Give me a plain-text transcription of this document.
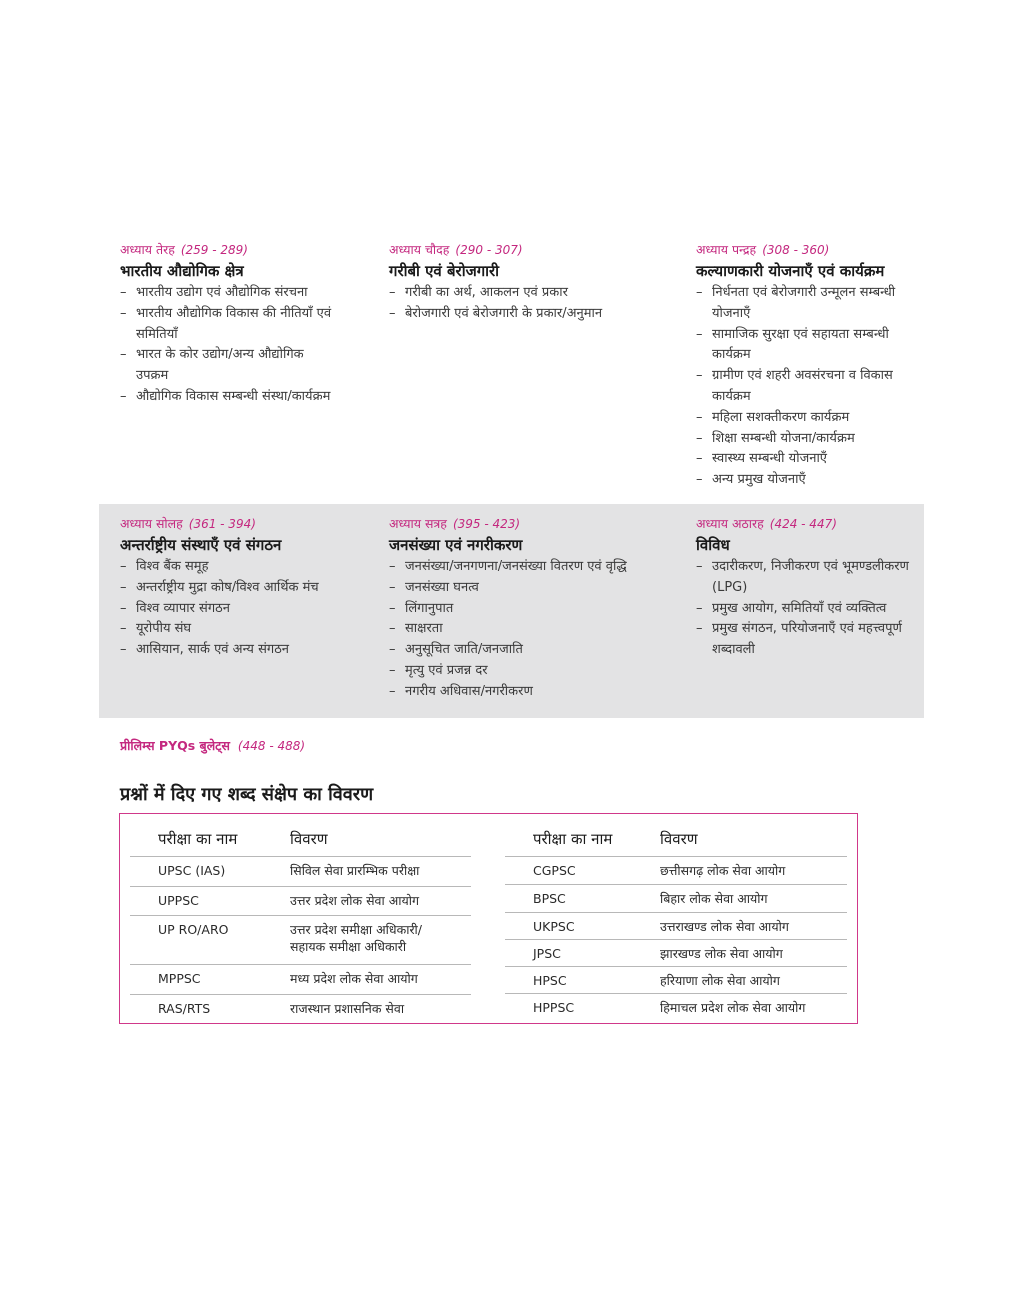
अध्याय तेरह (259 - 289)
भारतीय औद्योगिक क्षेत्र
– भारतीय उद्योग एवं औद्योगिक संरचना
– भारतीय औद्योगिक विकास की नीतियाँ एवं समितियाँ
– भारत के कोर उद्योग/अन्य औद्योगिक उपक्रम
– औद्योगिक विकास सम्बन्धी संस्था/कार्यक्रम
अध्याय चौदह (290 - 307)
गरीबी एवं बेरोजगारी
– गरीबी का अर्थ, आकलन एवं प्रकार
– बेरोजगारी एवं बेरोजगारी के प्रकार/अनुमान
अध्याय पन्द्रह (308 - 360)
कल्याणकारी योजनाएँ एवं कार्यक्रम
– निर्धनता एवं बेरोजगारी उन्मूलन सम्बन्धी योजनाएँ
– सामाजिक सुरक्षा एवं सहायता सम्बन्धी कार्यक्रम
– ग्रामीण एवं शहरी अवसंरचना व विकास कार्यक्रम
– महिला सशक्तीकरण कार्यक्रम
– शिक्षा सम्बन्धी योजना/कार्यक्रम
– स्वास्थ्य सम्बन्धी योजनाएँ
– अन्य प्रमुख योजनाएँ
अध्याय सोलह (361 - 394)
अन्तर्राष्ट्रीय संस्थाएँ एवं संगठन
– विश्व बैंक समूह
– अन्तर्राष्ट्रीय मुद्रा कोष/विश्व आर्थिक मंच
– विश्व व्यापार संगठन
– यूरोपीय संघ
– आसियान, सार्क एवं अन्य संगठन
अध्याय सत्रह (395 - 423)
जनसंख्या एवं नगरीकरण
– जनसंख्या/जनगणना/जनसंख्या वितरण एवं वृद्धि
– जनसंख्या घनत्व
– लिंगानुपात
– साक्षरता
– अनुसूचित जाति/जनजाति
– मृत्यु एवं प्रजन्न दर
– नगरीय अधिवास/नगरीकरण
अध्याय अठारह (424 - 447)
विविध
– उदारीकरण, निजीकरण एवं भूमण्डलीकरण (LPG)
– प्रमुख आयोग, समितियाँ एवं व्यक्तित्व
– प्रमुख संगठन, परियोजनाएँ एवं महत्त्वपूर्ण शब्दावली
प्रीलिम्स PYQs बुलेट्स (448 - 488)
प्रश्नों में दिए गए शब्द संक्षेप का विवरण
परीक्षा का नाम	विवरण
UPSC (IAS)	सिविल सेवा प्रारम्भिक परीक्षा
UPPSC	उत्तर प्रदेश लोक सेवा आयोग
UP RO/ARO	उत्तर प्रदेश समीक्षा अधिकारी/ सहायक समीक्षा अधिकारी
MPPSC	मध्य प्रदेश लोक सेवा आयोग
RAS/RTS	राजस्थान प्रशासनिक सेवा
परीक्षा का नाम	विवरण
CGPSC	छत्तीसगढ़ लोक सेवा आयोग
BPSC	बिहार लोक सेवा आयोग
UKPSC	उत्तराखण्ड लोक सेवा आयोग
JPSC	झारखण्ड लोक सेवा आयोग
HPSC	हरियाणा लोक सेवा आयोग
HPPSC	हिमाचल प्रदेश लोक सेवा आयोग
